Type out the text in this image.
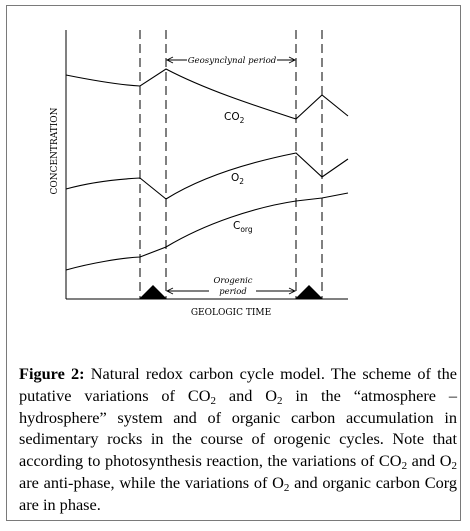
Geosynclynal period
Orogenic
period
$CO_2$
$O_2$
$C_{org}$
CONCENTRATION
GEOLOGIC TIME

Figure 2: Natural redox carbon cycle model. The scheme of the putative variations of $CO_2$ and $O_2$ in the “atmosphere – hydrosphere” system and of organic carbon accumulation in sedimentary rocks in the course of orogenic cycles. Note that according to photosynthesis reaction, the variations of $CO_2$ and $O_2$ are anti-phase, while the variations of $O_2$ and organic carbon Corg are in phase.
